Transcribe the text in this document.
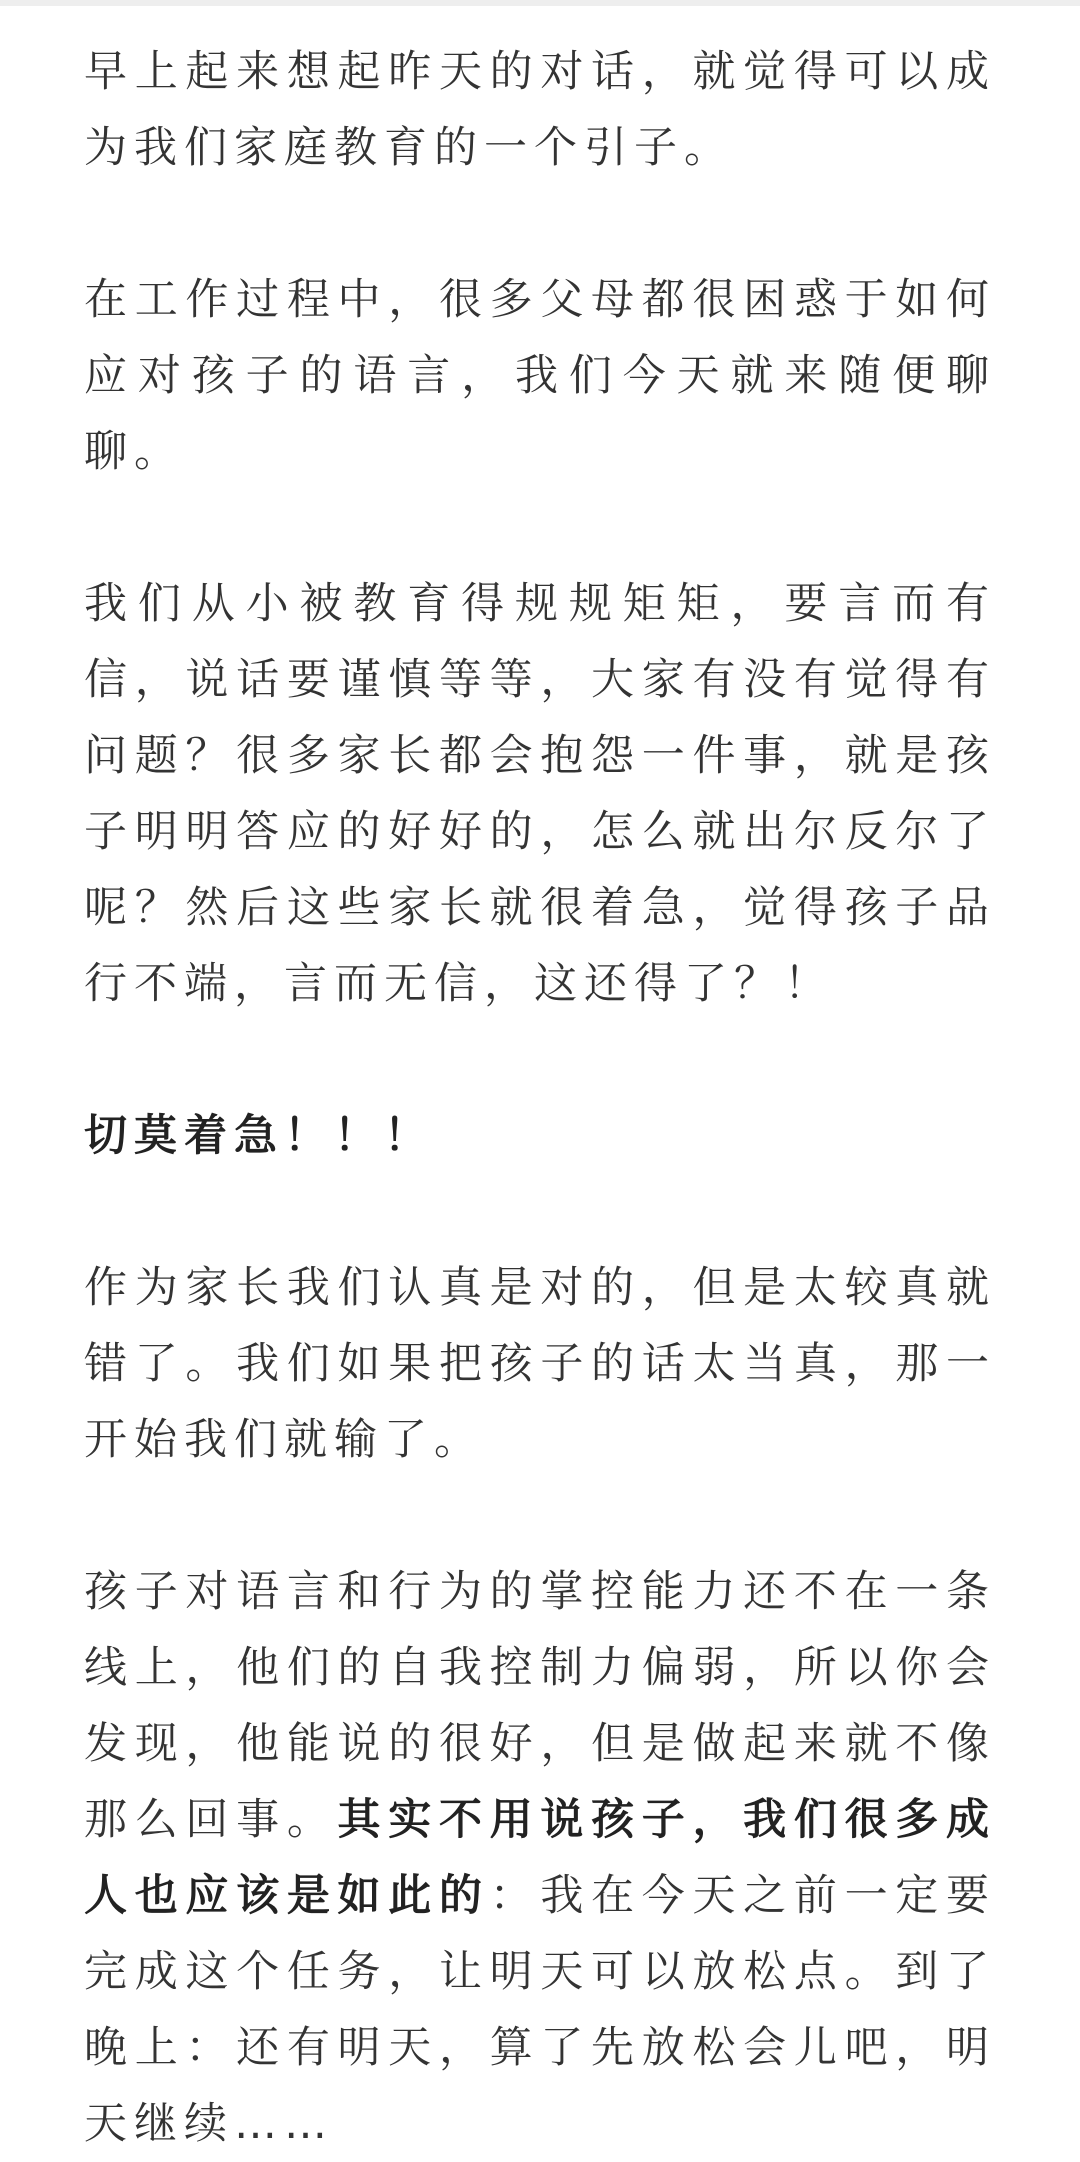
早上起来想起昨天的对话，就觉得可以成为我们家庭教育的一个引子。

在工作过程中，很多父母都很困惑于如何应对孩子的语言，我们今天就来随便聊聊。

我们从小被教育得规规矩矩，要言而有信，说话要谨慎等等，大家有没有觉得有问题？很多家长都会抱怨一件事，就是孩子明明答应的好好的，怎么就出尔反尔了呢？然后这些家长就很着急，觉得孩子品行不端，言而无信，这还得了？！

切莫着急！！！

作为家长我们认真是对的，但是太较真就错了。我们如果把孩子的话太当真，那一开始我们就输了。

孩子对语言和行为的掌控能力还不在一条线上，他们的自我控制力偏弱，所以你会发现，他能说的很好，但是做起来就不像那么回事。其实不用说孩子，我们很多成人也应该是如此的：我在今天之前一定要完成这个任务，让明天可以放松点。到了晚上：还有明天，算了先放松会儿吧，明天继续……
